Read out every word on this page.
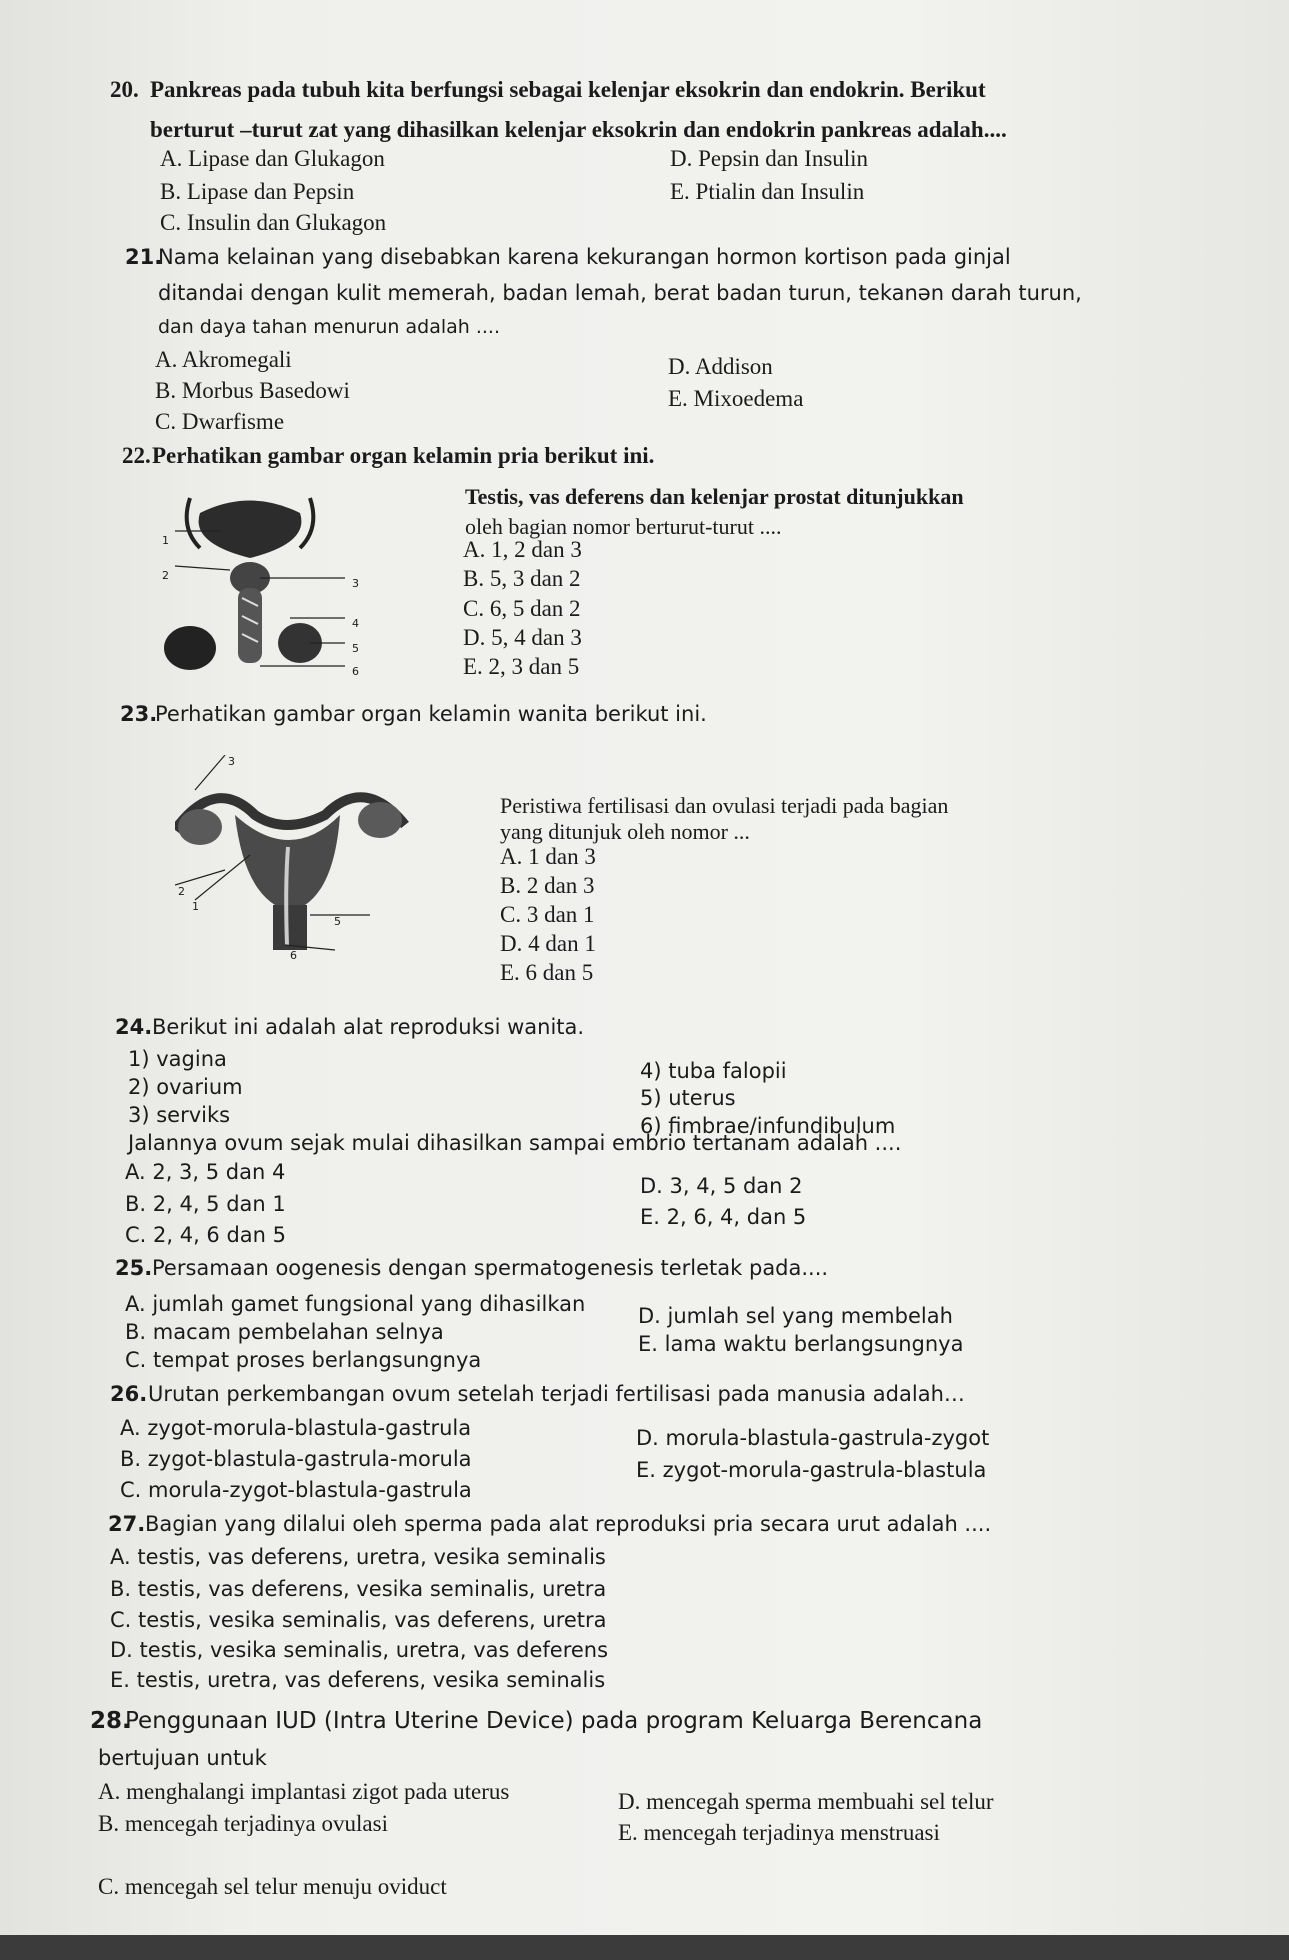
20. Pankreas pada tubuh kita berfungsi sebagai kelenjar eksokrin dan endokrin. Berikut
berturut –turut zat yang dihasilkan kelenjar eksokrin dan endokrin pankreas adalah....
A. Lipase dan Glukagon
B. Lipase dan Pepsin
C. Insulin dan Glukagon
D. Pepsin dan Insulin
E. Ptialin dan Insulin
21.
Nama kelainan yang disebabkan karena kekurangan hormon kortison pada ginjal
ditandai dengan kulit memerah, badan lemah, berat badan turun, tekanən darah turun,
dan daya tahan menurun adalah ....
A. Akromegali
B. Morbus Basedowi
C. Dwarfisme
D. Addison
E. Mixoedema
22. Perhatikan gambar organ kelamin pria berikut ini.
Testis, vas deferens dan kelenjar prostat ditunjukkan
oleh bagian nomor berturut-turut ....
A. 1, 2 dan 3
B. 5, 3 dan 2
C. 6, 5 dan 2
D. 5, 4 dan 3
E. 2, 3 dan 5
1
2
3
4
5
6
23.
Perhatikan gambar organ kelamin wanita berikut ini.
Peristiwa fertilisasi dan ovulasi terjadi pada bagian
yang ditunjuk oleh nomor ...
A. 1 dan 3
B. 2 dan 3
C. 3 dan 1
D. 4 dan 1
E. 6 dan 5
3
2
1
5
6
24. Berikut ini adalah alat reproduksi wanita.
1) vagina
2) ovarium
3) serviks
4) tuba falopii
5) uterus
6) fimbrae/infundibulum
Jalannya ovum sejak mulai dihasilkan sampai embrio tertanam adalah ....
A. 2, 3, 5 dan 4
B. 2, 4, 5 dan 1
C. 2, 4, 6 dan 5
D. 3, 4, 5 dan 2
E. 2, 6, 4, dan 5
25. Persamaan oogenesis dengan spermatogenesis terletak pada....
A. jumlah gamet fungsional yang dihasilkan
B. macam pembelahan selnya
C. tempat proses berlangsungnya
D. jumlah sel yang membelah
E. lama waktu berlangsungnya
26. Urutan perkembangan ovum setelah terjadi fertilisasi pada manusia adalah…
A. zygot-morula-blastula-gastrula
B. zygot-blastula-gastrula-morula
C. morula-zygot-blastula-gastrula
D. morula-blastula-gastrula-zygot
E. zygot-morula-gastrula-blastula
27. Bagian yang dilalui oleh sperma pada alat reproduksi pria secara urut adalah ....
A. testis, vas deferens, uretra, vesika seminalis
B. testis, vas deferens, vesika seminalis, uretra
C. testis, vesika seminalis, vas deferens, uretra
D. testis, vesika seminalis, uretra, vas deferens
E. testis, uretra, vas deferens, vesika seminalis
28.
Penggunaan IUD (Intra Uterine Device) pada program Keluarga Berencana
bertujuan untuk
A. menghalangi implantasi zigot pada uterus
B. mencegah terjadinya ovulasi
C. mencegah sel telur menuju oviduct
D. mencegah sperma membuahi sel telur
E. mencegah terjadinya menstruasi
